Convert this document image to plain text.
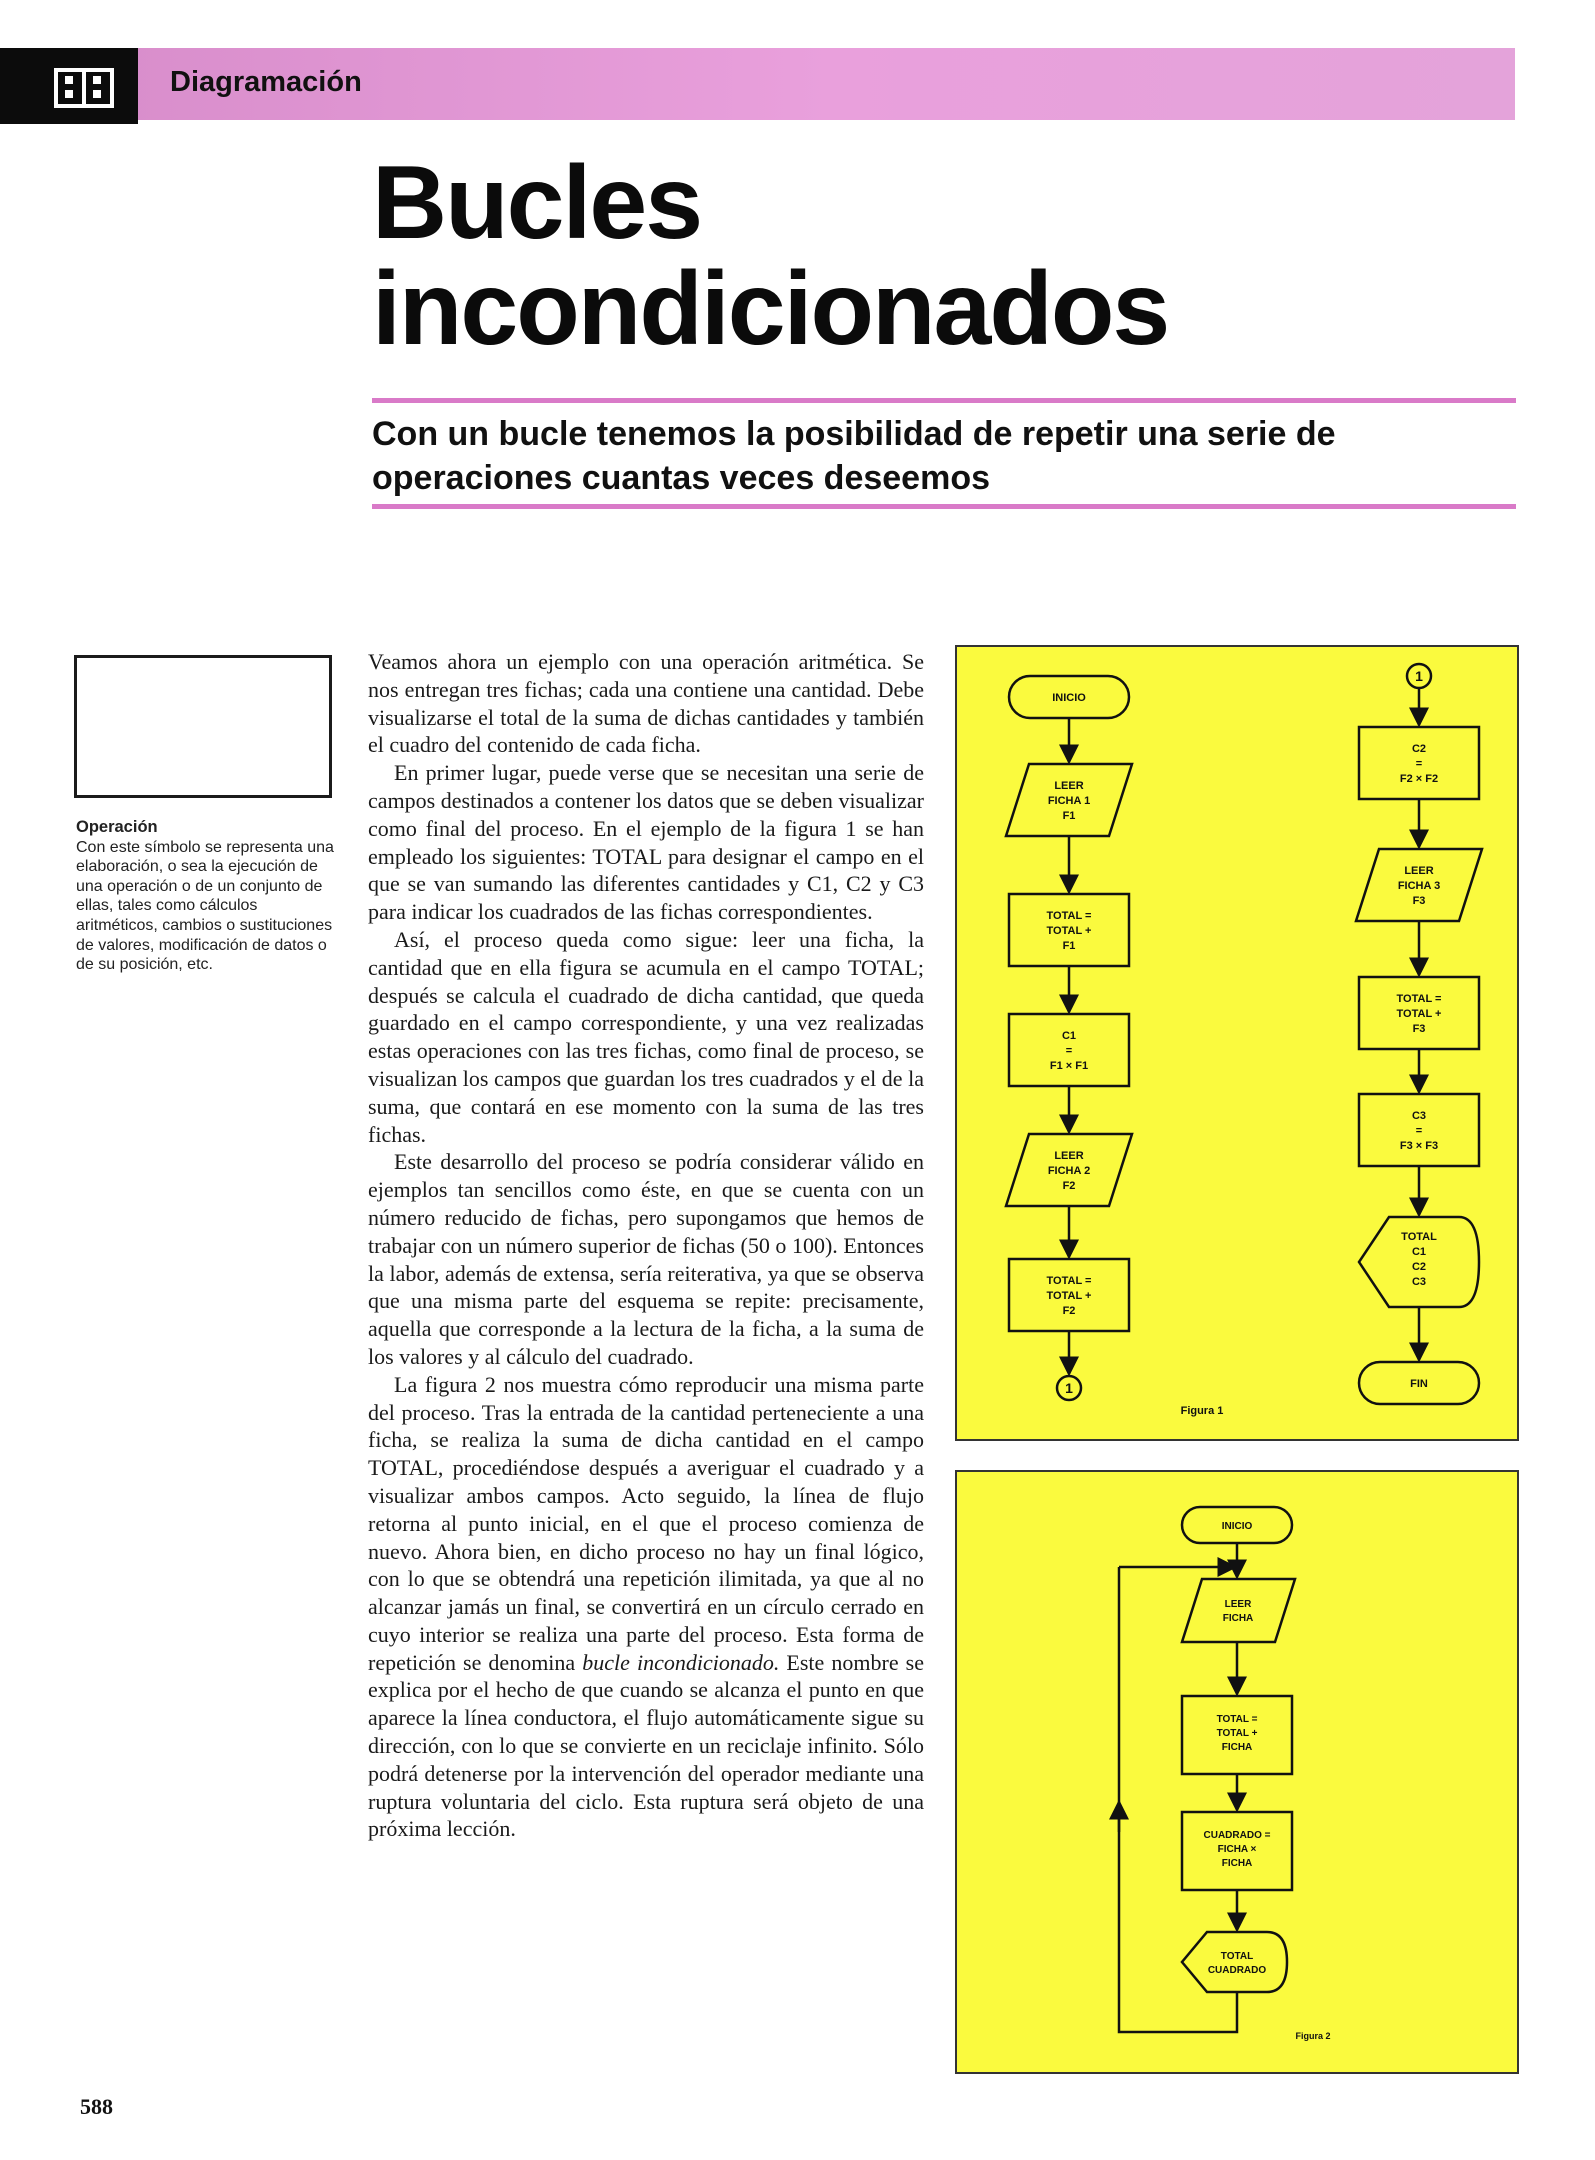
Diagramación
Bucles
incondicionados

Con un bucle tenemos la posibilidad de repetir una serie de operaciones cuantas veces deseemos

Operación
Con este símbolo se representa una elaboración, o sea la ejecución de una operación o de un conjunto de ellas, tales como cálculos aritméticos, cambios o sustituciones de valores, modificación de datos o de su posición, etc.

Veamos ahora un ejemplo con una operación aritmética. Se nos entregan tres fichas; cada una contiene una cantidad. Debe visualizarse el total de la suma de dichas cantidades y también el cuadro del contenido de cada ficha.

En primer lugar, puede verse que se necesitan una serie de campos destinados a contener los datos que se deben visualizar como final del proceso. En el ejemplo de la figura 1 se han empleado los siguientes: TOTAL para designar el campo en el que se van sumando las diferentes cantidades y C1, C2 y C3 para indicar los cuadrados de las fichas correspondientes.

Así, el proceso queda como sigue: leer una ficha, la cantidad que en ella figura se acumula en el campo TOTAL; después se calcula el cuadrado de dicha cantidad, que queda guardado en el campo correspondiente, y una vez realizadas estas operaciones con las tres fichas, como final de proceso, se visualizan los campos que guardan los tres cuadrados y el de la suma, que contará en ese momento con la suma de las tres fichas.

Este desarrollo del proceso se podría considerar válido en ejemplos tan sencillos como éste, en que se cuenta con un número reducido de fichas, pero supongamos que hemos de trabajar con un número superior de fichas (50 o 100). Entonces la labor, además de extensa, sería reiterativa, ya que se observa que una misma parte del esquema se repite: precisamente, aquella que corresponde a la lectura de la ficha, a la suma de los valores y al cálculo del cuadrado.

La figura 2 nos muestra cómo reproducir una misma parte del proceso. Tras la entrada de la cantidad perteneciente a una ficha, se realiza la suma de dicha cantidad en el campo TOTAL, procediéndose después a averiguar el cuadrado y a visualizar ambos campos. Acto seguido, la línea de flujo retorna al punto inicial, en el que el proceso comienza de nuevo. Ahora bien, en dicho proceso no hay un final lógico, con lo que se obtendrá una repetición ilimitada, ya que al no alcanzar jamás un final, se convertirá en un círculo cerrado en cuyo interior se realiza una parte del proceso. Esta forma de repetición se denomina bucle incondicionado. Este nombre se explica por el hecho de que cuando se alcanza el punto en que aparece la línea conductora, el flujo automáticamente sigue su dirección, con lo que se convierte en un reciclaje infinito. Sólo podrá detenerse por la intervención del operador mediante una ruptura voluntaria del ciclo. Esta ruptura será objeto de una próxima lección.

588
INICIO
LEER
FICHA 1
F1
TOTAL =
TOTAL +
F1
C1
=
F1 × F1
LEER
FICHA 2
F2
TOTAL =
TOTAL +
F2
1
1
C2
=
F2 × F2
LEER
FICHA 3
F3
TOTAL =
TOTAL +
F3
C3
=
F3 × F3
TOTAL
C1
C2
C3
FIN
Figura 1
INICIO
LEER
FICHA
TOTAL =
TOTAL +
FICHA
CUADRADO =
FICHA ×
FICHA
TOTAL
CUADRADO
Figura 2
